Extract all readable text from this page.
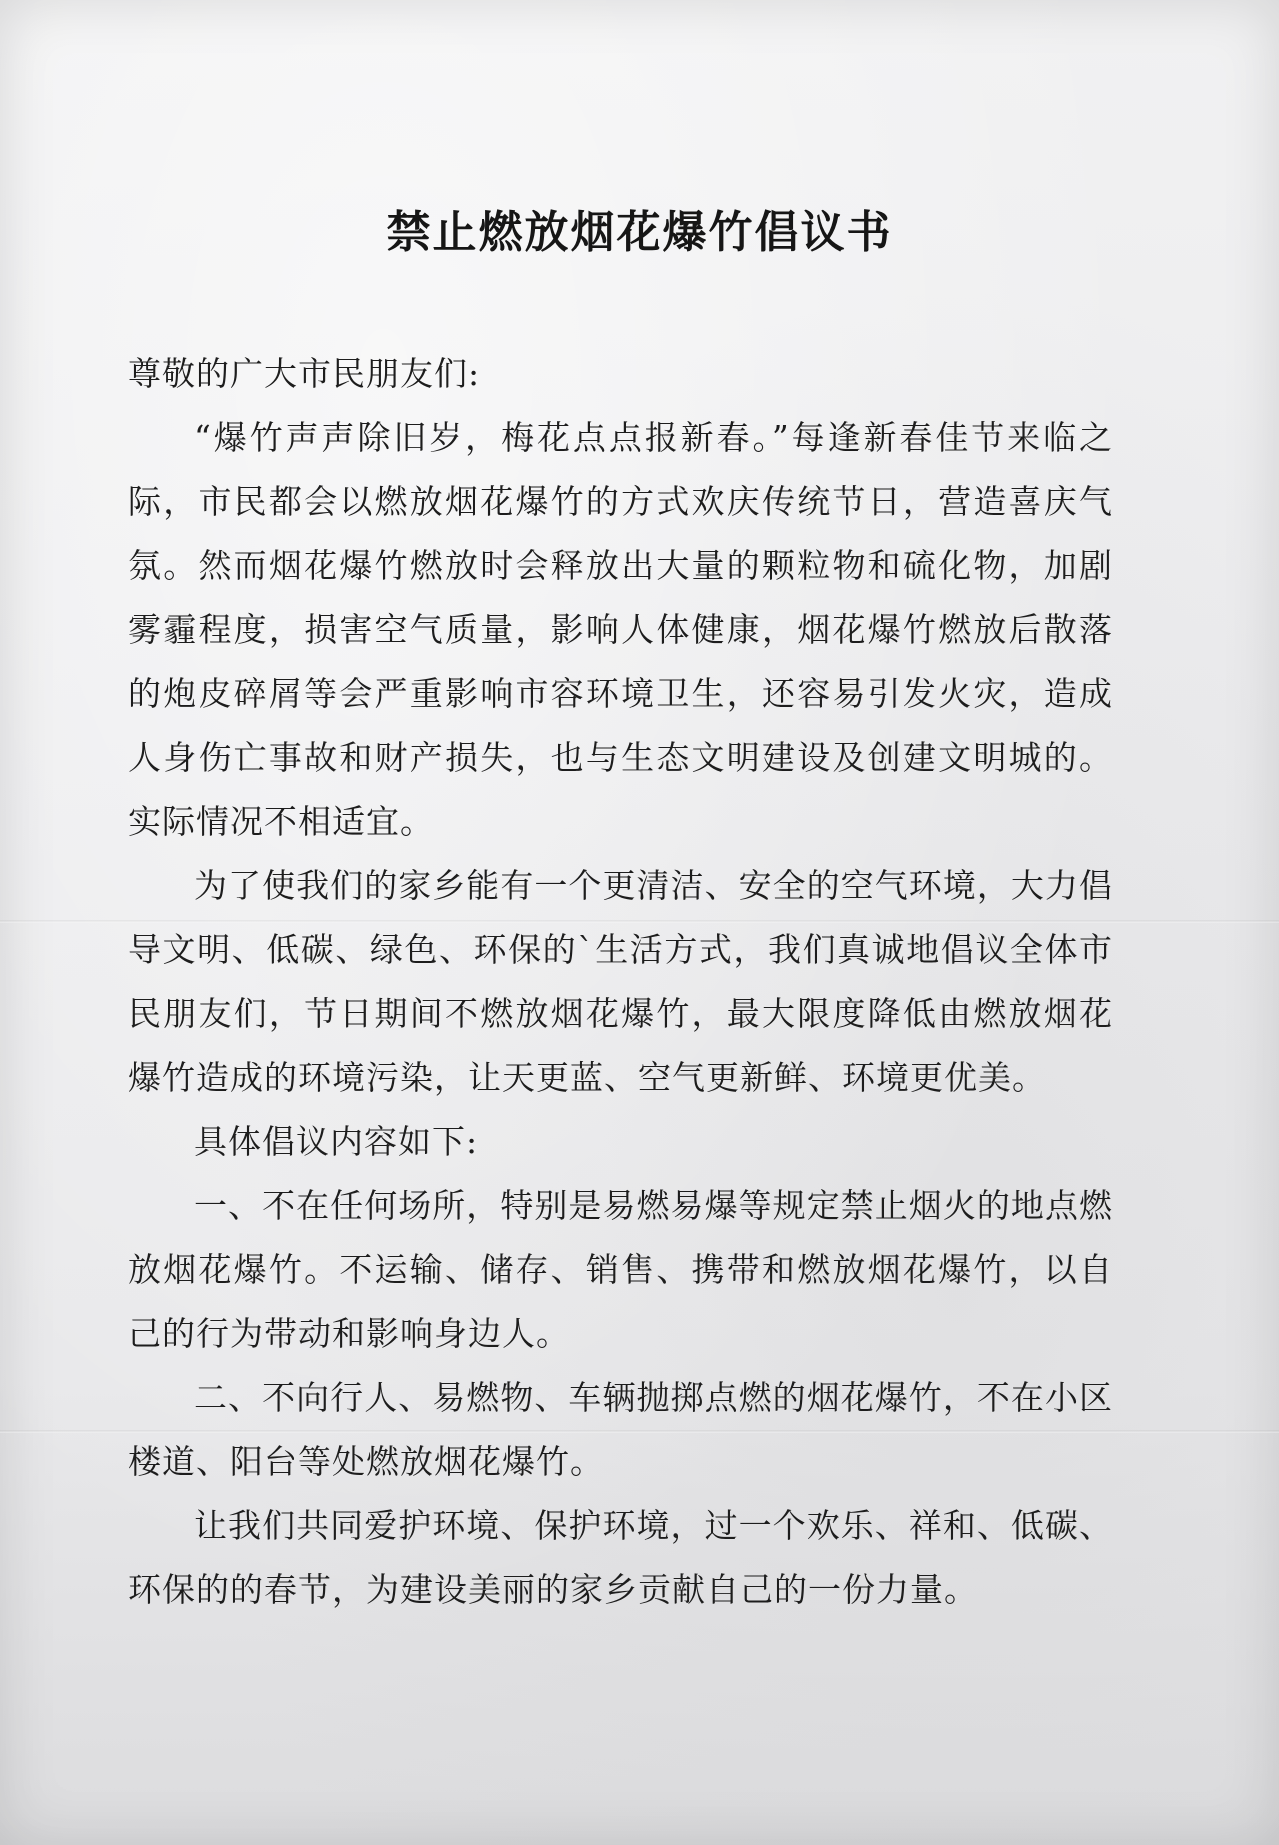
禁止燃放烟花爆竹倡议书

尊敬的广大市民朋友们:

“爆竹声声除旧岁，梅花点点报新春。”每逢新春佳节来临之际，市民都会以燃放烟花爆竹的方式欢庆传统节日，营造喜庆气氛。然而烟花爆竹燃放时会释放出大量的颗粒物和硫化物，加剧雾霾程度，损害空气质量，影响人体健康，烟花爆竹燃放后散落的炮皮碎屑等会严重影响市容环境卫生，还容易引发火灾，造成人身伤亡事故和财产损失，也与生态文明建设及创建文明城的。实际情况不相适宜。

为了使我们的家乡能有一个更清洁、安全的空气环境，大力倡导文明、低碳、绿色、环保的`生活方式，我们真诚地倡议全体市民朋友们，节日期间不燃放烟花爆竹，最大限度降低由燃放烟花爆竹造成的环境污染，让天更蓝、空气更新鲜、环境更优美。

具体倡议内容如下:

一、不在任何场所，特别是易燃易爆等规定禁止烟火的地点燃放烟花爆竹。不运输、储存、销售、携带和燃放烟花爆竹，以自己的行为带动和影响身边人。

二、不向行人、易燃物、车辆抛掷点燃的烟花爆竹，不在小区楼道、阳台等处燃放烟花爆竹。

让我们共同爱护环境、保护环境，过一个欢乐、祥和、低碳、环保的的春节，为建设美丽的家乡贡献自己的一份力量。
